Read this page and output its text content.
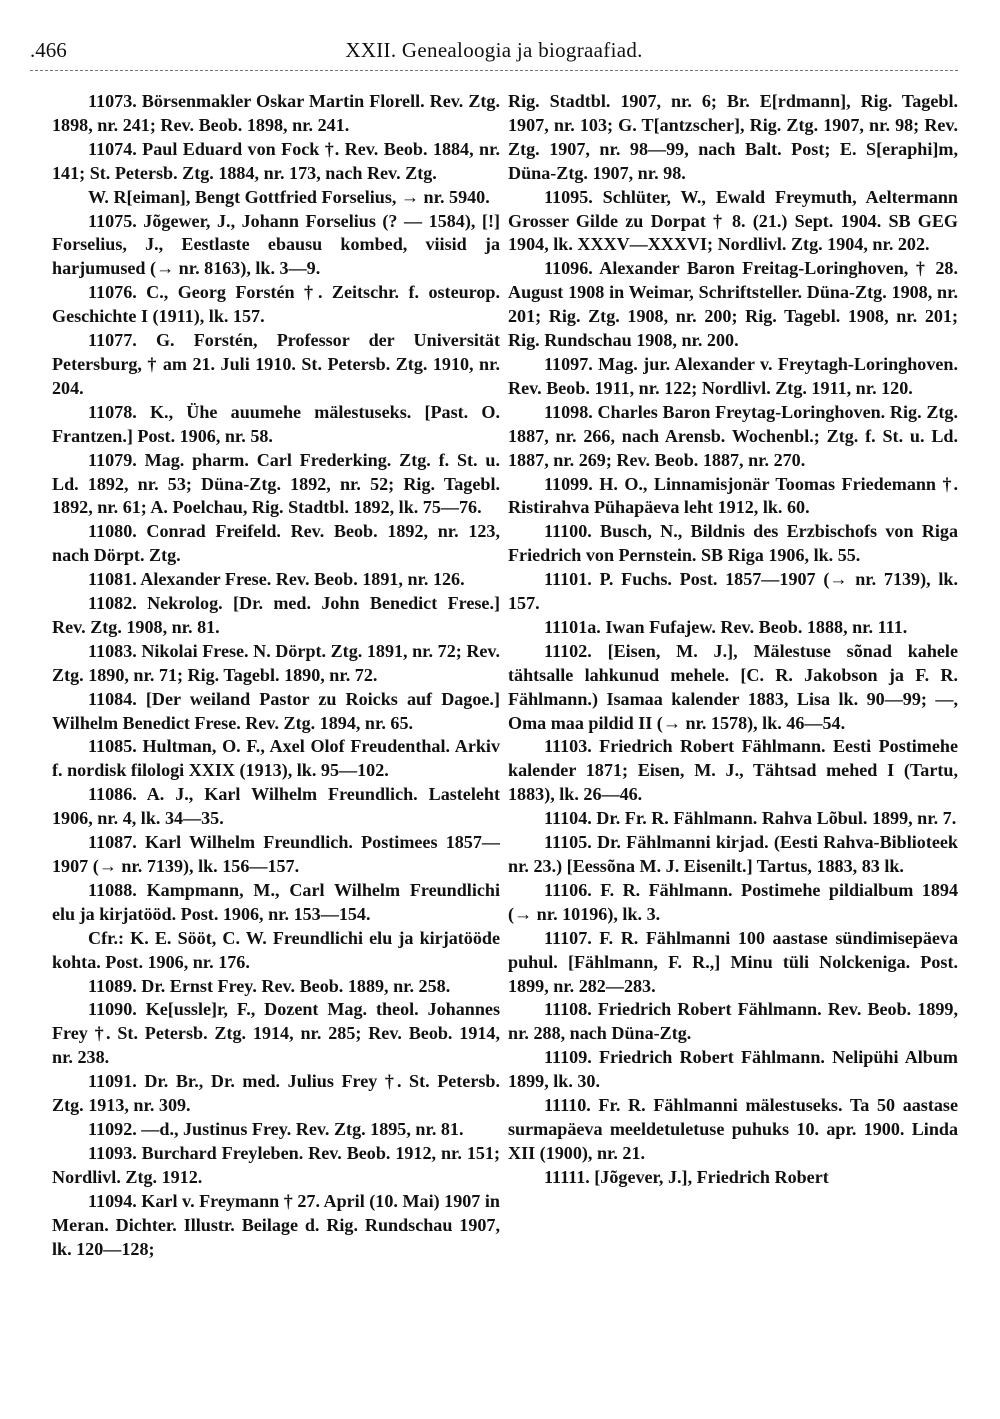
.466	XXII. Genealoogia ja biograafiad.

11073. Börsenmakler Oskar Martin Florell. Rev. Ztg. 1898, nr. 241; Rev. Beob. 1898, nr. 241.

11074. Paul Eduard von Fock †. Rev. Beob. 1884, nr. 141; St. Petersb. Ztg. 1884, nr. 173, nach Rev. Ztg.

W. R[eiman], Bengt Gottfried Forselius, → nr. 5940.

11075. Jõgewer, J., Johann Forselius (? — 1584), [!] Forselius, J., Eestlaste ebausu kombed, viisid ja harjumused (→ nr. 8163), lk. 3—9.

11076. C., Georg Forstén †. Zeitschr. f. osteurop. Geschichte I (1911), lk. 157.

11077. G. Forstén, Professor der Universität Petersburg, † am 21. Juli 1910. St. Petersb. Ztg. 1910, nr. 204.

11078. K., Ühe auumehe mälestuseks. [Past. O. Frantzen.] Post. 1906, nr. 58.

11079. Mag. pharm. Carl Frederking. Ztg. f. St. u. Ld. 1892, nr. 53; Düna-Ztg. 1892, nr. 52; Rig. Tagebl. 1892, nr. 61; A. Poelchau, Rig. Stadtbl. 1892, lk. 75—76.

11080. Conrad Freifeld. Rev. Beob. 1892, nr. 123, nach Dörpt. Ztg.

11081. Alexander Frese. Rev. Beob. 1891, nr. 126.

11082. Nekrolog. [Dr. med. John Benedict Frese.] Rev. Ztg. 1908, nr. 81.

11083. Nikolai Frese. N. Dörpt. Ztg. 1891, nr. 72; Rev. Ztg. 1890, nr. 71; Rig. Tagebl. 1890, nr. 72.

11084. [Der weiland Pastor zu Roicks auf Dagoe.] Wilhelm Benedict Frese. Rev. Ztg. 1894, nr. 65.

11085. Hultman, O. F., Axel Olof Freudenthal. Arkiv f. nordisk filologi XXIX (1913), lk. 95—102.

11086. A. J., Karl Wilhelm Freundlich. Lasteleht 1906, nr. 4, lk. 34—35.

11087. Karl Wilhelm Freundlich. Postimees 1857—1907 (→ nr. 7139), lk. 156—157.

11088. Kampmann, M., Carl Wilhelm Freundlichi elu ja kirjatööd. Post. 1906, nr. 153—154.

Cfr.: K. E. Sööt, C. W. Freundlichi elu ja kirjatööde kohta. Post. 1906, nr. 176.

11089. Dr. Ernst Frey. Rev. Beob. 1889, nr. 258.

11090. Ke[ussle]r, F., Dozent Mag. theol. Johannes Frey †. St. Petersb. Ztg. 1914, nr. 285; Rev. Beob. 1914, nr. 238.

11091. Dr. Br., Dr. med. Julius Frey †. St. Petersb. Ztg. 1913, nr. 309.

11092. —d., Justinus Frey. Rev. Ztg. 1895, nr. 81.

11093. Burchard Freyleben. Rev. Beob. 1912, nr. 151; Nordlivl. Ztg. 1912.

11094. Karl v. Freymann † 27. April (10. Mai) 1907 in Meran. Dichter. Illustr. Beilage d. Rig. Rundschau 1907, lk. 120—128;

Rig. Stadtbl. 1907, nr. 6; Br. E[rdmann], Rig. Tagebl. 1907, nr. 103; G. T[antzscher], Rig. Ztg. 1907, nr. 98; Rev. Ztg. 1907, nr. 98—99, nach Balt. Post; E. S[eraphi]m, Düna-Ztg. 1907, nr. 98.

11095. Schlüter, W., Ewald Freymuth, Aeltermann Grosser Gilde zu Dorpat † 8. (21.) Sept. 1904. SB GEG 1904, lk. XXXV—XXXVI; Nordlivl. Ztg. 1904, nr. 202.

11096. Alexander Baron Freitag-Loringhoven, † 28. August 1908 in Weimar, Schriftsteller. Düna-Ztg. 1908, nr. 201; Rig. Ztg. 1908, nr. 200; Rig. Tagebl. 1908, nr. 201; Rig. Rundschau 1908, nr. 200.

11097. Mag. jur. Alexander v. Freytagh-Loringhoven. Rev. Beob. 1911, nr. 122; Nordlivl. Ztg. 1911, nr. 120.

11098. Charles Baron Freytag-Loringhoven. Rig. Ztg. 1887, nr. 266, nach Arensb. Wochenbl.; Ztg. f. St. u. Ld. 1887, nr. 269; Rev. Beob. 1887, nr. 270.

11099. H. O., Linnamisjonär Toomas Friedemann †. Ristirahva Pühapäeva leht 1912, lk. 60.

11100. Busch, N., Bildnis des Erzbischofs von Riga Friedrich von Pernstein. SB Riga 1906, lk. 55.

11101. P. Fuchs. Post. 1857—1907 (→ nr. 7139), lk. 157.

11101a. Iwan Fufajew. Rev. Beob. 1888, nr. 111.

11102. [Eisen, M. J.], Mälestuse sõnad kahele tähtsalle lahkunud mehele. [C. R. Jakobson ja F. R. Fählmann.) Isamaa kalender 1883, Lisa lk. 90—99; —, Oma maa pildid II (→ nr. 1578), lk. 46—54.

11103. Friedrich Robert Fählmann. Eesti Postimehe kalender 1871; Eisen, M. J., Tähtsad mehed I (Tartu, 1883), lk. 26—46.

11104. Dr. Fr. R. Fählmann. Rahva Lõbul. 1899, nr. 7.

11105. Dr. Fählmanni kirjad. (Eesti Rahva-Biblioteek nr. 23.) [Eessõna M. J. Eisenilt.] Tartus, 1883, 83 lk.

11106. F. R. Fählmann. Postimehe pildialbum 1894 (→ nr. 10196), lk. 3.

11107. F. R. Fählmanni 100 aastase sündimisepäeva puhul. [Fählmann, F. R.,] Minu tüli Nolckeniga. Post. 1899, nr. 282—283.

11108. Friedrich Robert Fählmann. Rev. Beob. 1899, nr. 288, nach Düna-Ztg.

11109. Friedrich Robert Fählmann. Nelipühi Album 1899, lk. 30.

11110. Fr. R. Fählmanni mälestuseks. Ta 50 aastase surmapäeva meeldetuletuse puhuks 10. apr. 1900. Linda XII (1900), nr. 21.

11111. [Jõgever, J.], Friedrich Robert
